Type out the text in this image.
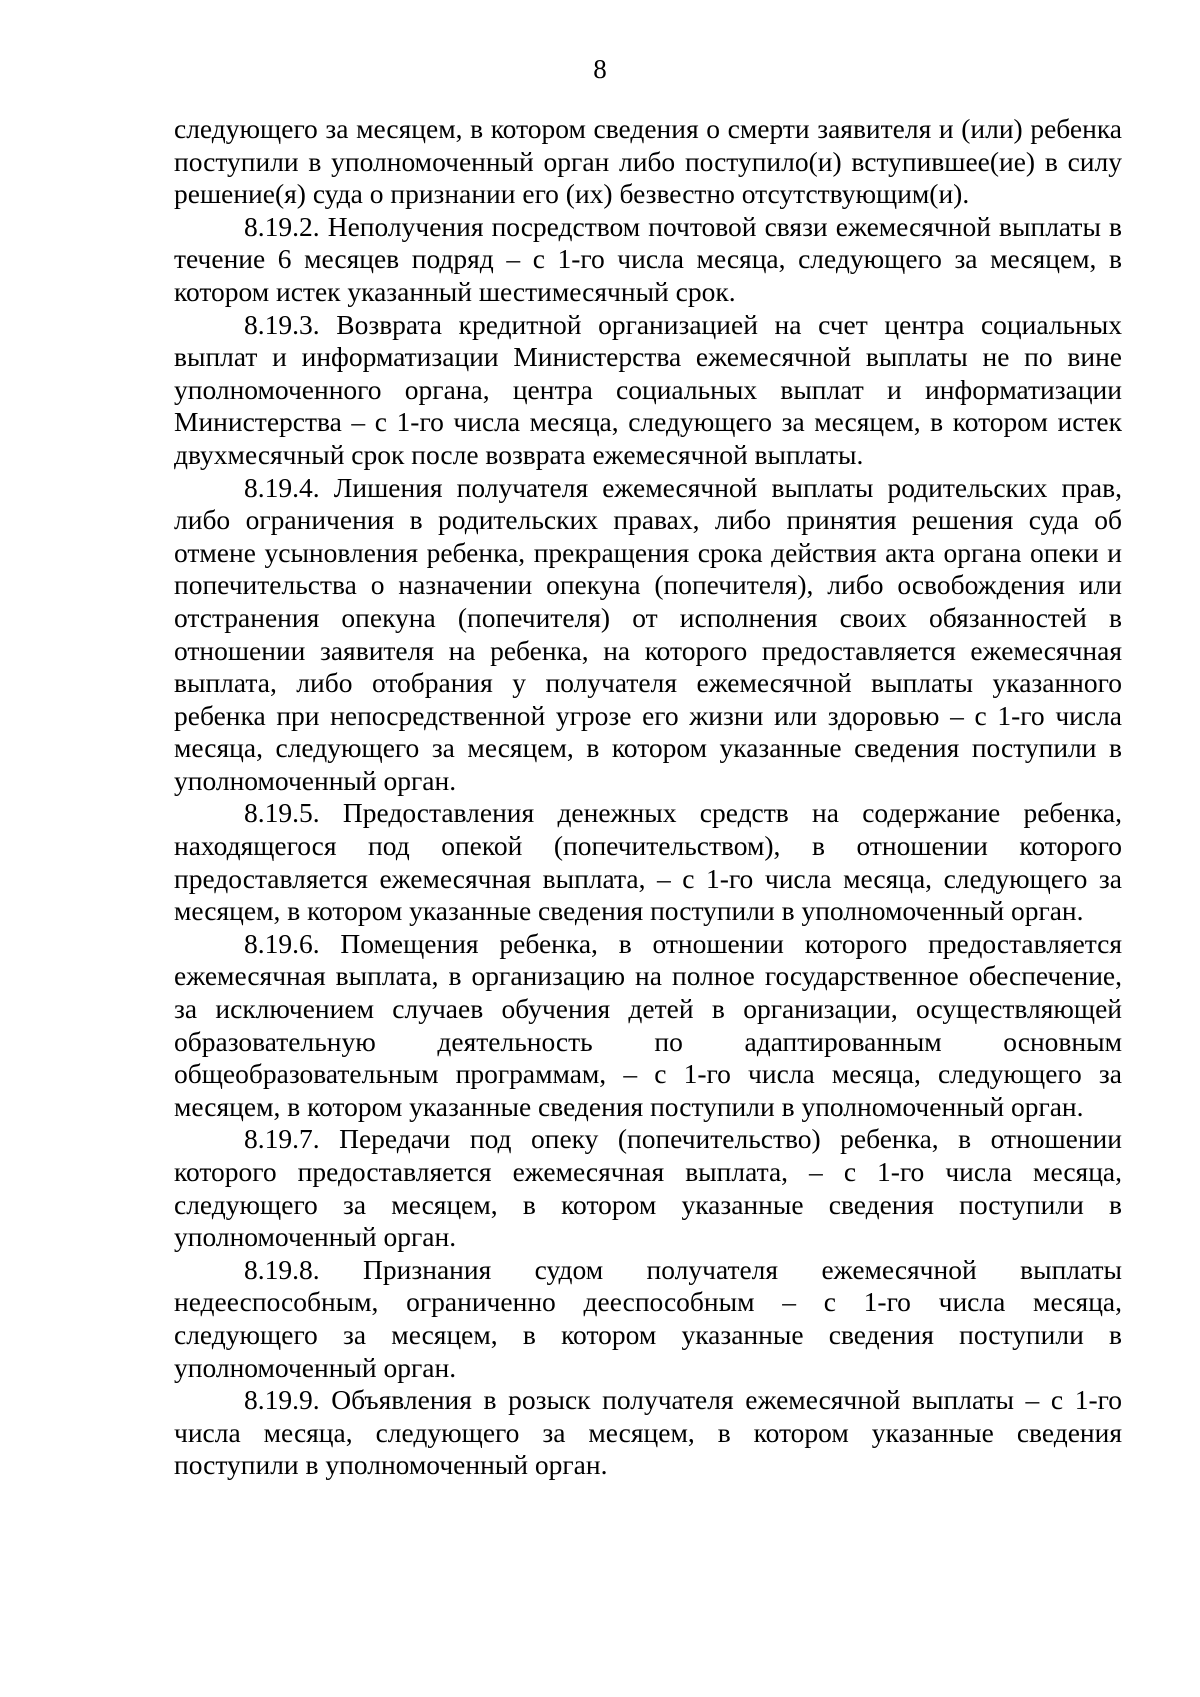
8

следующего за месяцем, в котором сведения о смерти заявителя и (или) ребенка поступили в уполномоченный орган либо поступило(и) вступившее(ие) в силу решение(я) суда о признании его (их) безвестно отсутствующим(и).

8.19.2. Неполучения посредством почтовой связи ежемесячной выплаты в течение 6 месяцев подряд – с 1-го числа месяца, следующего за месяцем, в котором истек указанный шестимесячный срок.

8.19.3. Возврата кредитной организацией на счет центра социальных выплат и информатизации Министерства ежемесячной выплаты не по вине уполномоченного органа, центра социальных выплат и информатизации Министерства – с 1-го числа месяца, следующего за месяцем, в котором истек двухмесячный срок после возврата ежемесячной выплаты.

8.19.4. Лишения получателя ежемесячной выплаты родительских прав, либо ограничения в родительских правах, либо принятия решения суда об отмене усыновления ребенка, прекращения срока действия акта органа опеки и попечительства о назначении опекуна (попечителя), либо освобождения или отстранения опекуна (попечителя) от исполнения своих обязанностей в отношении заявителя на ребенка, на которого предоставляется ежемесячная выплата, либо отобрания у получателя ежемесячной выплаты указанного ребенка при непосредственной угрозе его жизни или здоровью – с 1-го числа месяца, следующего за месяцем, в котором указанные сведения поступили в уполномоченный орган.

8.19.5. Предоставления денежных средств на содержание ребенка, находящегося под опекой (попечительством), в отношении которого предоставляется ежемесячная выплата, – с 1-го числа месяца, следующего за месяцем, в котором указанные сведения поступили в уполномоченный орган.

8.19.6. Помещения ребенка, в отношении которого предоставляется ежемесячная выплата, в организацию на полное государственное обеспечение, за исключением случаев обучения детей в организации, осуществляющей образовательную деятельность по адаптированным основным общеобразовательным программам, – с 1-го числа месяца, следующего за месяцем, в котором указанные сведения поступили в уполномоченный орган.

8.19.7. Передачи под опеку (попечительство) ребенка, в отношении которого предоставляется ежемесячная выплата, – с 1-го числа месяца, следующего за месяцем, в котором указанные сведения поступили в уполномоченный орган.

8.19.8. Признания судом получателя ежемесячной выплаты недееспособным, ограниченно дееспособным – с 1-го числа месяца, следующего за месяцем, в котором указанные сведения поступили в уполномоченный орган.

8.19.9. Объявления в розыск получателя ежемесячной выплаты – с 1-го числа месяца, следующего за месяцем, в котором указанные сведения поступили в уполномоченный орган.
